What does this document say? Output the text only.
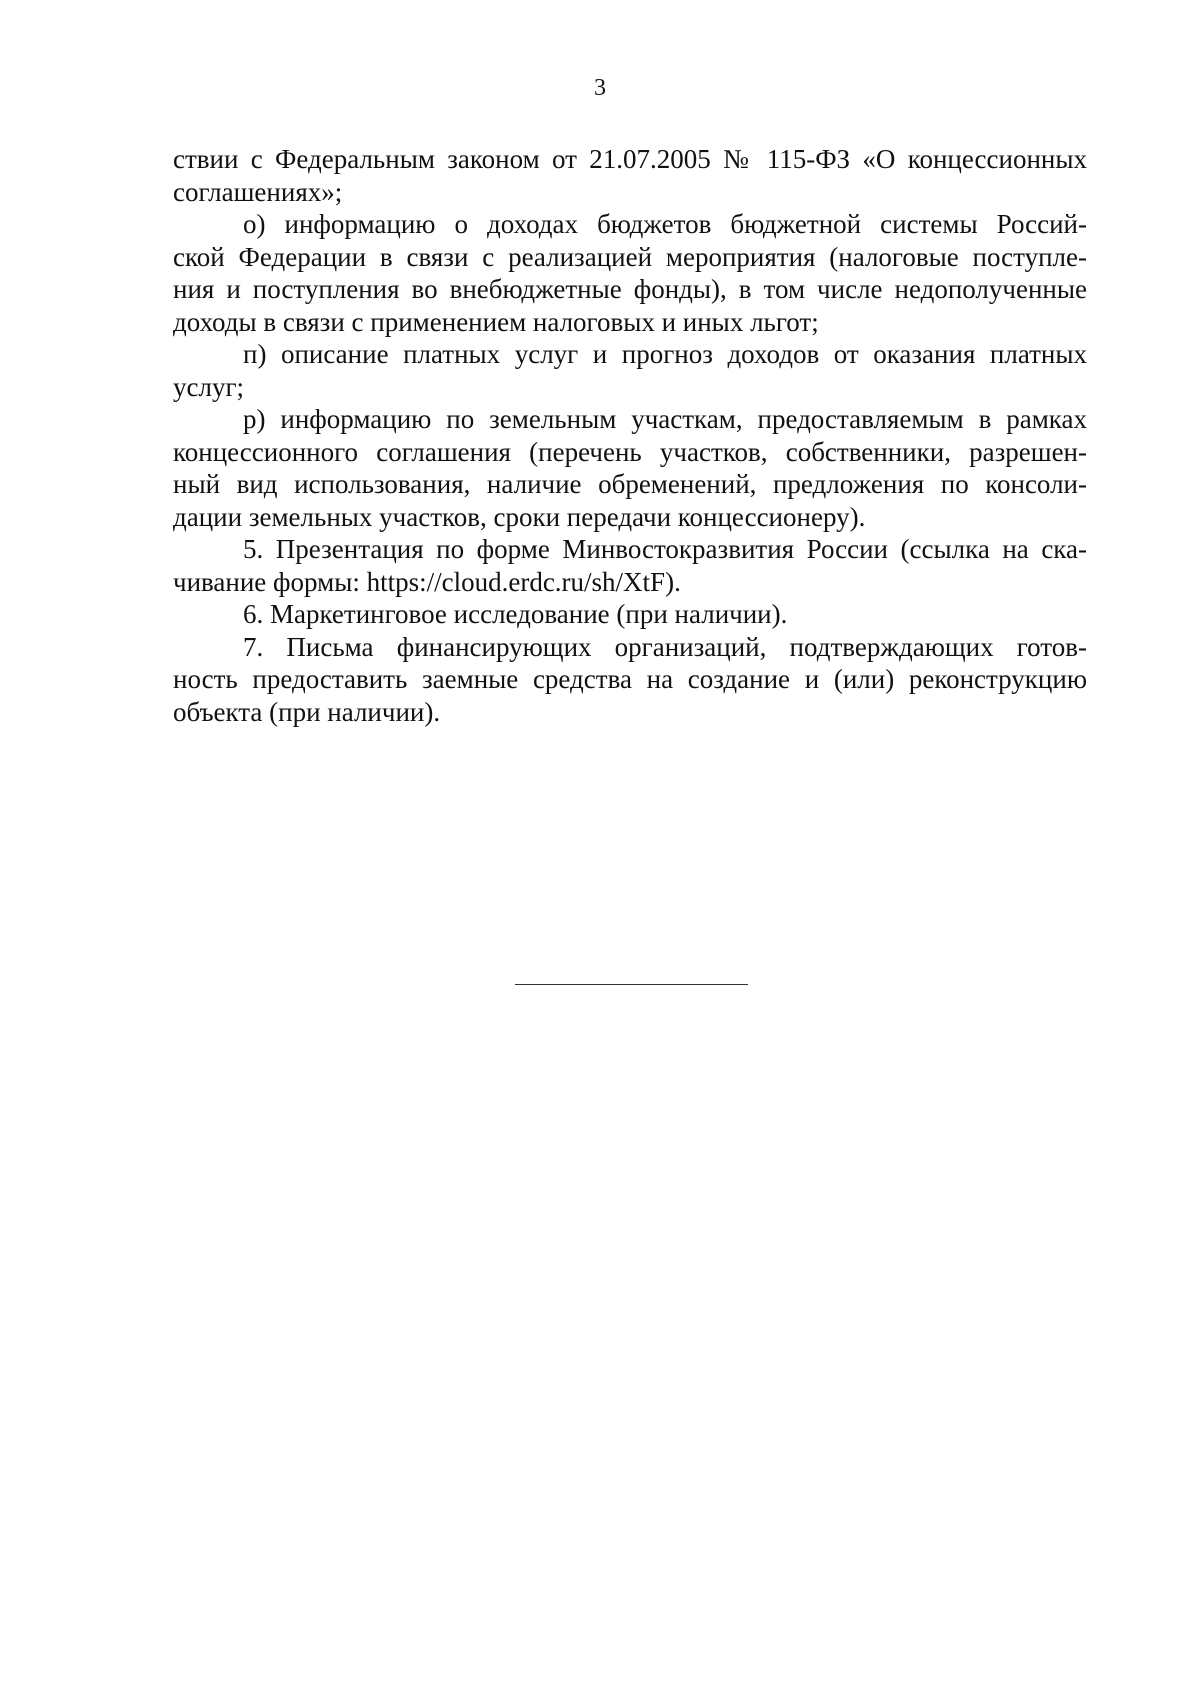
3
ствии с Федеральным законом от 21.07.2005 № 115-ФЗ «О концессионных
соглашениях»;
о) информацию о доходах бюджетов бюджетной системы Россий-
ской Федерации в связи с реализацией мероприятия (налоговые поступле-
ния и поступления во внебюджетные фонды), в том числе недополученные
доходы в связи с применением налоговых и иных льгот;
п) описание платных услуг и прогноз доходов от оказания платных
услуг;
р) информацию по земельным участкам, предоставляемым в рамках
концессионного соглашения (перечень участков, собственники, разрешен-
ный вид использования, наличие обременений, предложения по консоли-
дации земельных участков, сроки передачи концессионеру).
5. Презентация по форме Минвостокразвития России (ссылка на ска-
чивание формы: https://cloud.erdc.ru/sh/XtF).
6. Маркетинговое исследование (при наличии).
7. Письма финансирующих организаций, подтверждающих готов-
ность предоставить заемные средства на создание и (или) реконструкцию
объекта (при наличии).
